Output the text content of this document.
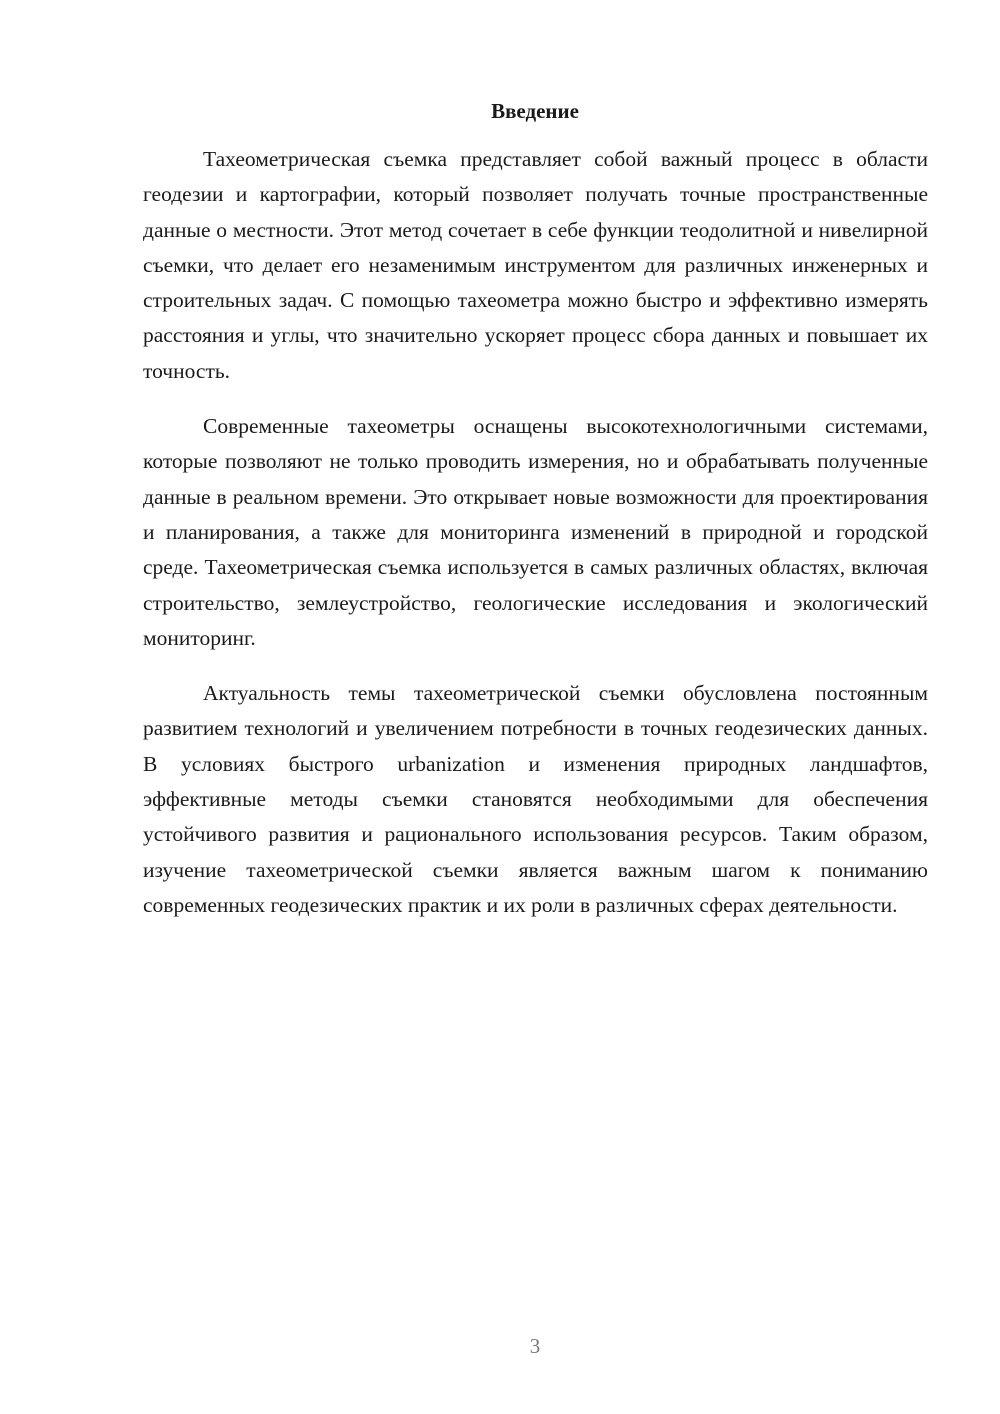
Введение

Тахеометрическая съемка представляет собой важный процесс в области геодезии и картографии, который позволяет получать точные пространственные данные о местности. Этот метод сочетает в себе функции теодолитной и нивелирной съемки, что делает его незаменимым инструментом для различных инженерных и строительных задач. С помощью тахеометра можно быстро и эффективно измерять расстояния и углы, что значительно ускоряет процесс сбора данных и повышает их точность.

Современные тахеометры оснащены высокотехнологичными системами, которые позволяют не только проводить измерения, но и обрабатывать полученные данные в реальном времени. Это открывает новые возможности для проектирования и планирования, а также для мониторинга изменений в природной и городской среде. Тахеометрическая съемка используется в самых различных областях, включая строительство, землеустройство, геологические исследования и экологический мониторинг.

Актуальность темы тахеометрической съемки обусловлена постоянным развитием технологий и увеличением потребности в точных геодезических данных. В условиях быстрого urbanization и изменения природных ландшафтов, эффективные методы съемки становятся необходимыми для обеспечения устойчивого развития и рационального использования ресурсов. Таким образом, изучение тахеометрической съемки является важным шагом к пониманию современных геодезических практик и их роли в различных сферах деятельности.

3
